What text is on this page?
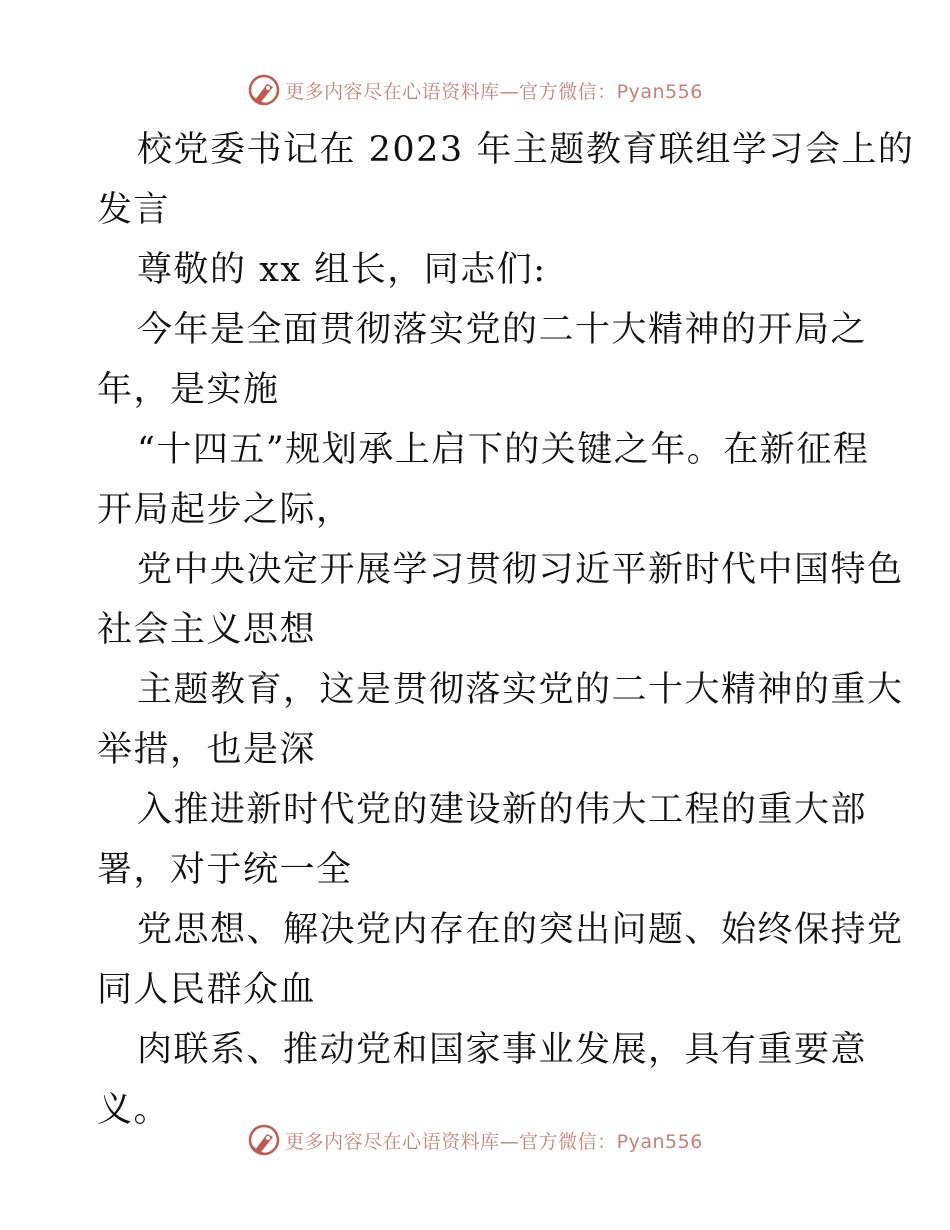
更多内容尽在心语资料库—官方微信：Pyan556
校党委书记在 2023 年主题教育联组学习会上的
发言
尊敬的 xx 组长，同志们:
今年是全面贯彻落实党的二十大精神的开局之
年，是实施
“十四五”规划承上启下的关键之年。在新征程
开局起步之际，
党中央决定开展学习贯彻习近平新时代中国特色
社会主义思想
主题教育，这是贯彻落实党的二十大精神的重大
举措，也是深
入推进新时代党的建设新的伟大工程的重大部
署，对于统一全
党思想、解决党内存在的突出问题、始终保持党
同人民群众血
肉联系、推动党和国家事业发展，具有重要意
义。
更多内容尽在心语资料库—官方微信：Pyan556
